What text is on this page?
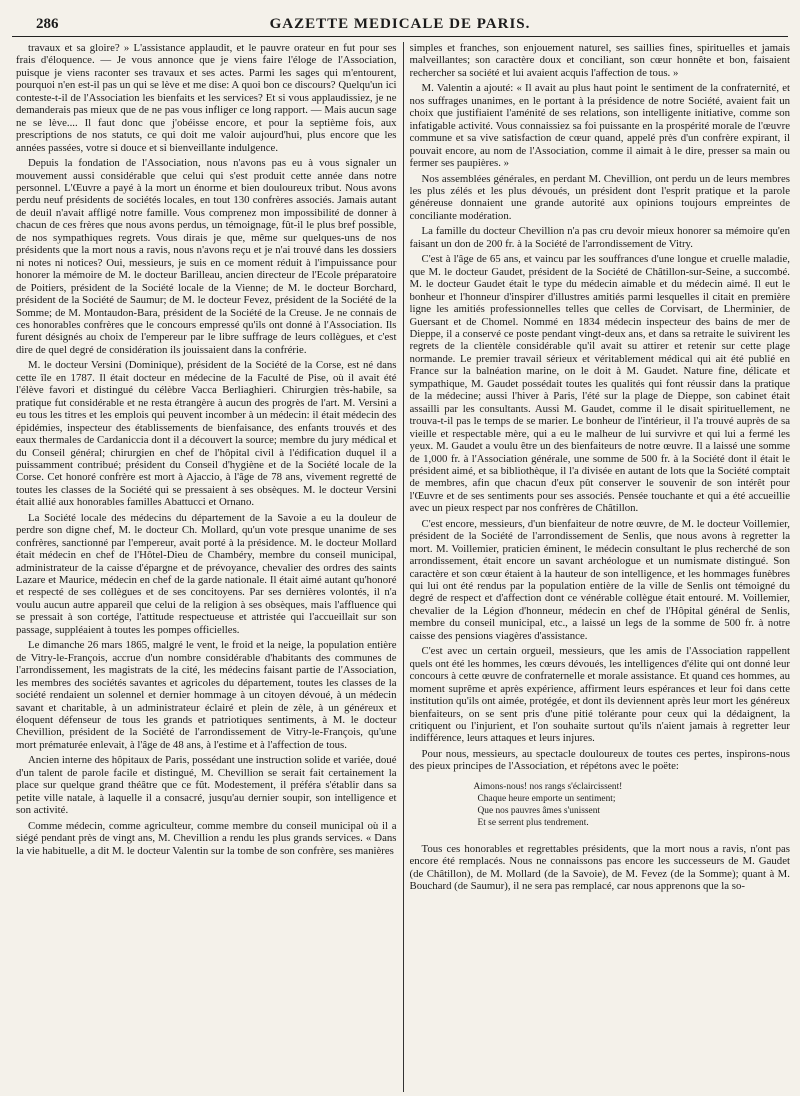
286	GAZETTE MEDICALE DE PARIS.

travaux et sa gloire? » L'assistance applaudit, et le pauvre orateur en fut pour ses frais d'éloquence. — Je vous annonce que je viens faire l'éloge de l'Association, puisque je viens raconter ses travaux et ses actes. Parmi les sages qui m'entourent, pourquoi n'en est-il pas un qui se lève et me dise: A quoi bon ce discours? Quelqu'un ici conteste-t-il de l'Association les bienfaits et les services? Et si vous applaudissiez, je ne demanderais pas mieux que de ne pas vous infliger ce long rapport. — Mais aucun sage ne se lève.... Il faut donc que j'obéisse encore, et pour la septième fois, aux prescriptions de nos statuts, ce qui doit me valoir aujourd'hui, plus encore que les années passées, votre si douce et si bienveillante indulgence.

Depuis la fondation de l'Association, nous n'avons pas eu à vous signaler un mouvement aussi considérable que celui qui s'est produit cette année dans notre personnel. L'Œuvre a payé à la mort un énorme et bien douloureux tribut. Nous avons perdu neuf présidents de sociétés locales, en tout 130 confrères associés. Jamais autant de deuil n'avait affligé notre famille. Vous comprenez mon impossibilité de donner à chacun de ces frères que nous avons perdus, un témoignage, fût-il le plus bref possible, de nos sympathiques regrets. Vous dirais je que, même sur quelques-uns de nos présidents que la mort nous a ravis, nous n'avons reçu et je n'ai trouvé dans les dossiers ni notes ni notices? Oui, messieurs, je suis en ce moment réduit à l'impuissance pour honorer la mémoire de M. le docteur Barilleau, ancien directeur de l'Ecole préparatoire de Poitiers, président de la Société locale de la Vienne; de M. le docteur Borchard, président de la Société de Saumur; de M. le docteur Fevez, président de la Société de la Somme; de M. Montaudon-Bara, président de la Société de la Creuse. Je ne connais de ces honorables confrères que le concours empressé qu'ils ont donné à l'Association. Ils furent désignés au choix de l'empereur par le libre suffrage de leurs collègues, et c'est dire de quel degré de considération ils jouissaient dans la confrérie.

M. le docteur Versini (Dominique), président de la Société de la Corse, est né dans cette île en 1787. Il était docteur en médecine de la Faculté de Pise, où il avait été l'élève favori et distingué du célèbre Vacca Berliaghieri. Chirurgien très-habile, sa pratique fut considérable et ne resta étrangère à aucun des progrès de l'art. M. Versini a eu tous les titres et les emplois qui peuvent incomber à un médecin: il était médecin des épidémies, inspecteur des établissements de bienfaisance, des enfants trouvés et des eaux thermales de Cardaniccia dont il a découvert la source; membre du jury médical et du Conseil général; chirurgien en chef de l'hôpital civil à l'édification duquel il a puissamment contribué; président du Conseil d'hygiène et de la Société locale de la Corse. Cet honoré confrère est mort à Ajaccio, à l'âge de 78 ans, vivement regretté de toutes les classes de la Société qui se pressaient à ses obsèques. M. le docteur Versini était allié aux honorables familles Abattucci et Ornano.

La Société locale des médecins du département de la Savoie a eu la douleur de perdre son digne chef, M. le docteur Ch. Mollard, qu'un vote presque unanime de ses confrères, sanctionné par l'empereur, avait porté à la présidence. M. le docteur Mollard était médecin en chef de l'Hôtel-Dieu de Chambéry, membre du conseil municipal, administrateur de la caisse d'épargne et de prévoyance, chevalier des ordres des saints Lazare et Maurice, médecin en chef de la garde nationale. Il était aimé autant qu'honoré et respecté de ses collègues et de ses concitoyens. Par ses dernières volontés, il n'a voulu aucun autre appareil que celui de la religion à ses obsèques, mais l'affluence qui se pressait à son cortége, l'attitude respectueuse et attristée qui l'accueillait sur son passage, suppléaient à toutes les pompes officielles.

Le dimanche 26 mars 1865, malgré le vent, le froid et la neige, la population entière de Vitry-le-François, accrue d'un nombre considérable d'habitants des communes de l'arrondissement, les magistrats de la cité, les médecins faisant partie de l'Association, les membres des sociétés savantes et agricoles du département, toutes les classes de la société rendaient un solennel et dernier hommage à un citoyen dévoué, à un médecin savant et charitable, à un administrateur éclairé et plein de zèle, à un généreux et éloquent défenseur de tous les grands et patriotiques sentiments, à M. le docteur Chevillion, président de la Société de l'arrondissement de Vitry-le-François, qu'une mort prématurée enlevait, à l'âge de 48 ans, à l'estime et à l'affection de tous.

Ancien interne des hôpitaux de Paris, possédant une instruction solide et variée, doué d'un talent de parole facile et distingué, M. Chevillion se serait fait certainement la place sur quelque grand théâtre que ce fût. Modestement, il préféra s'établir dans sa petite ville natale, à laquelle il a consacré, jusqu'au dernier soupir, son intelligence et son activité.

Comme médecin, comme agriculteur, comme membre du conseil municipal où il a siégé pendant près de vingt ans, M. Chevillion a rendu les plus grands services. « Dans la vie habituelle, a dit M. le docteur Valentin sur la tombe de son confrère, ses manières

simples et franches, son enjouement naturel, ses saillies fines, spirituelles et jamais malveillantes; son caractère doux et conciliant, son cœur honnête et bon, faisaient rechercher sa société et lui avaient acquis l'affection de tous. »

M. Valentin a ajouté: « Il avait au plus haut point le sentiment de la confraternité, et nos suffrages unanimes, en le portant à la présidence de notre Société, avaient fait un choix que justifiaient l'aménité de ses relations, son intelligente initiative, comme son infatigable activité. Vous connaissiez sa foi puissante en la prospérité morale de l'œuvre commune et sa vive satisfaction de cœur quand, appelé près d'un confrère expirant, il pouvait encore, au nom de l'Association, comme il aimait à le dire, presser sa main ou fermer ses paupières. »

Nos assemblées générales, en perdant M. Chevillion, ont perdu un de leurs membres les plus zélés et les plus dévoués, un président dont l'esprit pratique et la parole généreuse donnaient une grande autorité aux opinions toujours empreintes de conciliante modération.

La famille du docteur Chevillion n'a pas cru devoir mieux honorer sa mémoire qu'en faisant un don de 200 fr. à la Société de l'arrondissement de Vitry.

C'est à l'âge de 65 ans, et vaincu par les souffrances d'une longue et cruelle maladie, que M. le docteur Gaudet, président de la Société de Châtillon-sur-Seine, a succombé. M. le docteur Gaudet était le type du médecin aimable et du médecin aimé. Il eut le bonheur et l'honneur d'inspirer d'illustres amitiés parmi lesquelles il citait en première ligne les amitiés professionnelles telles que celles de Corvisart, de Lherminier, de Guersant et de Chomel. Nommé en 1834 médecin inspecteur des bains de mer de Dieppe, il a conservé ce poste pendant vingt-deux ans, et dans sa retraite le suivirent les regrets de la clientèle considérable qu'il avait su attirer et retenir sur cette plage normande. Le premier travail sérieux et véritablement médical qui ait été publié en France sur la balnéation marine, on le doit à M. Gaudet. Nature fine, délicate et sympathique, M. Gaudet possédait toutes les qualités qui font réussir dans la pratique de la médecine; aussi l'hiver à Paris, l'été sur la plage de Dieppe, son cabinet était assailli par les consultants. Aussi M. Gaudet, comme il le disait spirituellement, ne trouva-t-il pas le temps de se marier. Le bonheur de l'intérieur, il l'a trouvé auprès de sa vieille et respectable mère, qui a eu le malheur de lui survivre et qui lui a fermé les yeux. M. Gaudet a voulu être un des bienfaiteurs de notre œuvre. Il a laissé une somme de 1,000 fr. à l'Association générale, une somme de 500 fr. à la Société dont il était le président aimé, et sa bibliothèque, il l'a divisée en autant de lots que la Société comptait de membres, afin que chacun d'eux pût conserver le souvenir de son intérêt pour l'Œuvre et de ses sentiments pour ses associés. Pensée touchante et qui a été accueillie avec un pieux respect par nos confrères de Châtillon.

C'est encore, messieurs, d'un bienfaiteur de notre œuvre, de M. le docteur Voillemier, président de la Société de l'arrondissement de Senlis, que nous avons à regretter la mort. M. Voillemier, praticien éminent, le médecin consultant le plus recherché de son arrondissement, était encore un savant archéologue et un numismate distingué. Son caractère et son cœur étaient à la hauteur de son intelligence, et les hommages funèbres qui lui ont été rendus par la population entière de la ville de Senlis ont témoigné du degré de respect et d'affection dont ce vénérable collègue était entouré. M. Voillemier, chevalier de la Légion d'honneur, médecin en chef de l'Hôpital général de Senlis, membre du conseil municipal, etc., a laissé un legs de la somme de 500 fr. à notre caisse des pensions viagères d'assistance.

C'est avec un certain orgueil, messieurs, que les amis de l'Association rappellent quels ont été les hommes, les cœurs dévoués, les intelligences d'élite qui ont donné leur concours à cette œuvre de confraternelle et morale assistance. Et quand ces hommes, au moment suprême et après expérience, affirment leurs espérances et leur foi dans cette institution qu'ils ont aimée, protégée, et dont ils deviennent après leur mort les généreux bienfaiteurs, on se sent pris d'une pitié tolérante pour ceux qui la dédaignent, la critiquent ou l'injurient, et l'on souhaite surtout qu'ils n'aient jamais à regretter leur indifférence, leurs attaques et leurs injures.

Pour nous, messieurs, au spectacle douloureux de toutes ces pertes, inspirons-nous des pieux principes de l'Association, et répétons avec le poëte:

Aimons-nous! nos rangs s'éclaircissent!
Chaque heure emporte un sentiment;
Que nos pauvres âmes s'unissent
Et se serrent plus tendrement.

Tous ces honorables et regrettables présidents, que la mort nous a ravis, n'ont pas encore été remplacés. Nous ne connaissons pas encore les successeurs de M. Gaudet (de Châtillon), de M. Mollard (de la Savoie), de M. Fevez (de la Somme); quant à M. Bouchard (de Saumur), il ne sera pas remplacé, car nous apprenons que la so-
